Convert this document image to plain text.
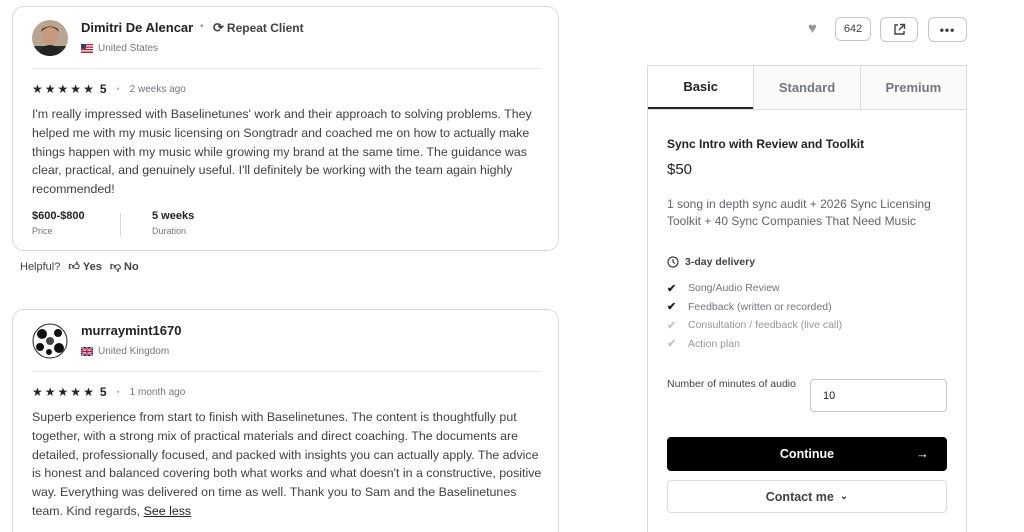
Dimitri De Alencar • ⟳ Repeat Client
United States
★ ★ ★ ★ ★ 5 • 2 weeks ago
I'm really impressed with Baselinetunes' work and their approach to solving problems. They helped me with my music licensing on Songtradr and coached me on how to actually make things happen with my music while growing my brand at the same time. The guidance was clear, practical, and genuinely useful. I'll definitely be working with the team again highly recommended!
$600-$800
Price
5 weeks
Duration
Helpful? 👍︎ Yes 👎︎ No
murraymint1670
United Kingdom
★ ★ ★ ★ ★ 5 • 1 month ago
Superb experience from start to finish with Baselinetunes. The content is thoughtfully put together, with a strong mix of practical materials and direct coaching. The documents are detailed, professionally focused, and packed with insights you can actually apply. The advice is honest and balanced covering both what works and what doesn't in a constructive, positive way. Everything was delivered on time as well. Thank you to Sam and the Baselinetunes team. Kind regards, See less
♥	642	•••
Basic	Standard	Premium
Sync Intro with Review and Toolkit
$50
1 song in depth sync audit + 2026 Sync Licensing Toolkit + 40 Sync Companies That Need Music
3-day delivery
✔ Song/Audio Review
✔ Feedback (written or recorded)
✔ Consultation / feedback (live call)
✔ Action plan
Number of minutes of audio
10
Continue	→
Contact me ⌄
